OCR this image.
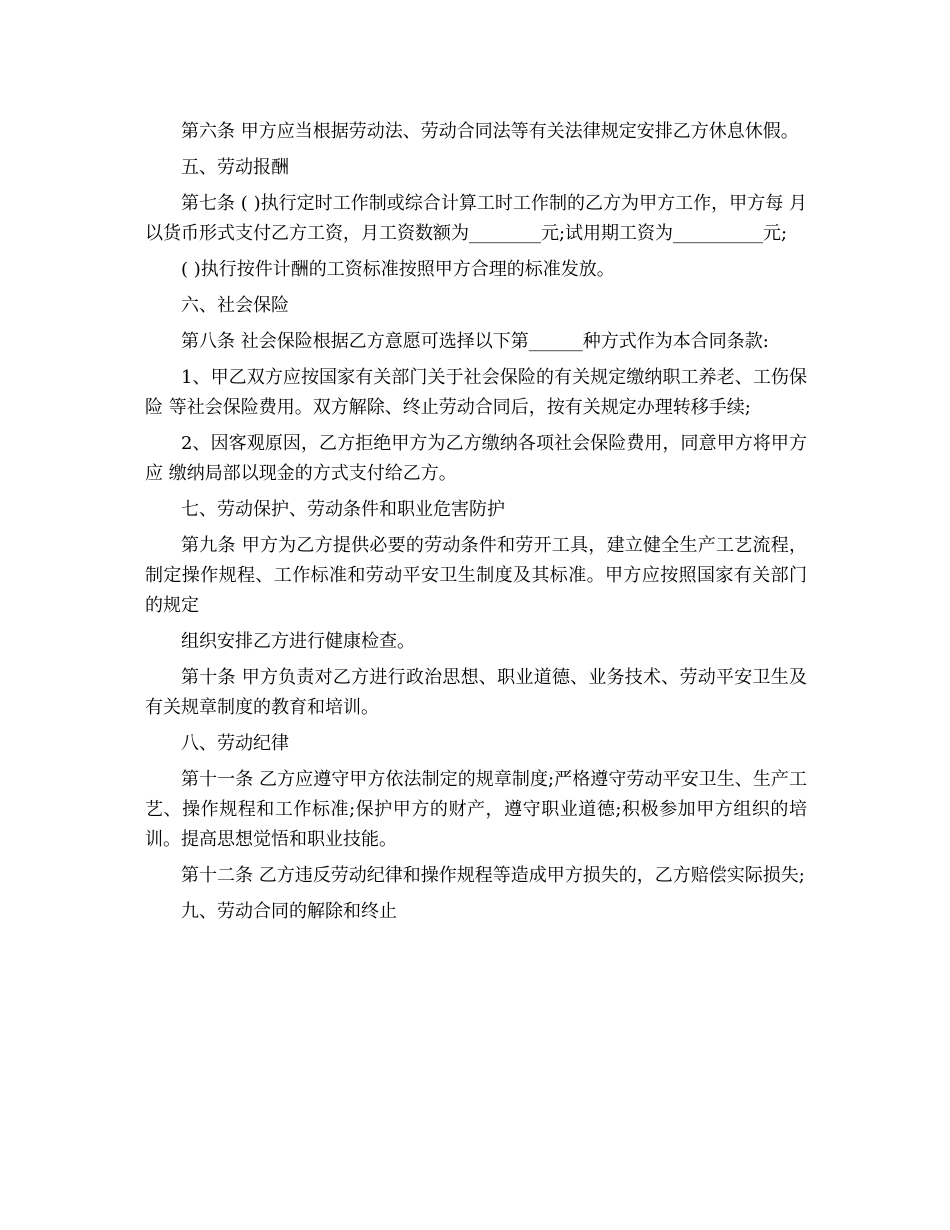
第六条 甲方应当根据劳动法、劳动合同法等有关法律规定安排乙方休息休假。

五、劳动报酬

第七条 ( )执行定时工作制或综合计算工时工作制的乙方为甲方工作，甲方每 月以货币形式支付乙方工资，月工资数额为________元;试用期工资为__________元;

( )执行按件计酬的工资标准按照甲方合理的标准发放。

六、社会保险

第八条 社会保险根据乙方意愿可选择以下第______种方式作为本合同条款:

1、甲乙双方应按国家有关部门关于社会保险的有关规定缴纳职工养老、工伤保险 等社会保险费用。双方解除、终止劳动合同后，按有关规定办理转移手续;

2、因客观原因，乙方拒绝甲方为乙方缴纳各项社会保险费用，同意甲方将甲方应 缴纳局部以现金的方式支付给乙方。

七、劳动保护、劳动条件和职业危害防护

第九条 甲方为乙方提供必要的劳动条件和劳开工具，建立健全生产工艺流程，制定操作规程、工作标准和劳动平安卫生制度及其标准。甲方应按照国家有关部门的规定

组织安排乙方进行健康检查。

第十条 甲方负责对乙方进行政治思想、职业道德、业务技术、劳动平安卫生及有关规章制度的教育和培训。

八、劳动纪律

第十一条 乙方应遵守甲方依法制定的规章制度;严格遵守劳动平安卫生、生产工艺、操作规程和工作标准;保护甲方的财产，遵守职业道德;积极参加甲方组织的培训。提高思想觉悟和职业技能。

第十二条 乙方违反劳动纪律和操作规程等造成甲方损失的，乙方赔偿实际损失;

九、劳动合同的解除和终止
